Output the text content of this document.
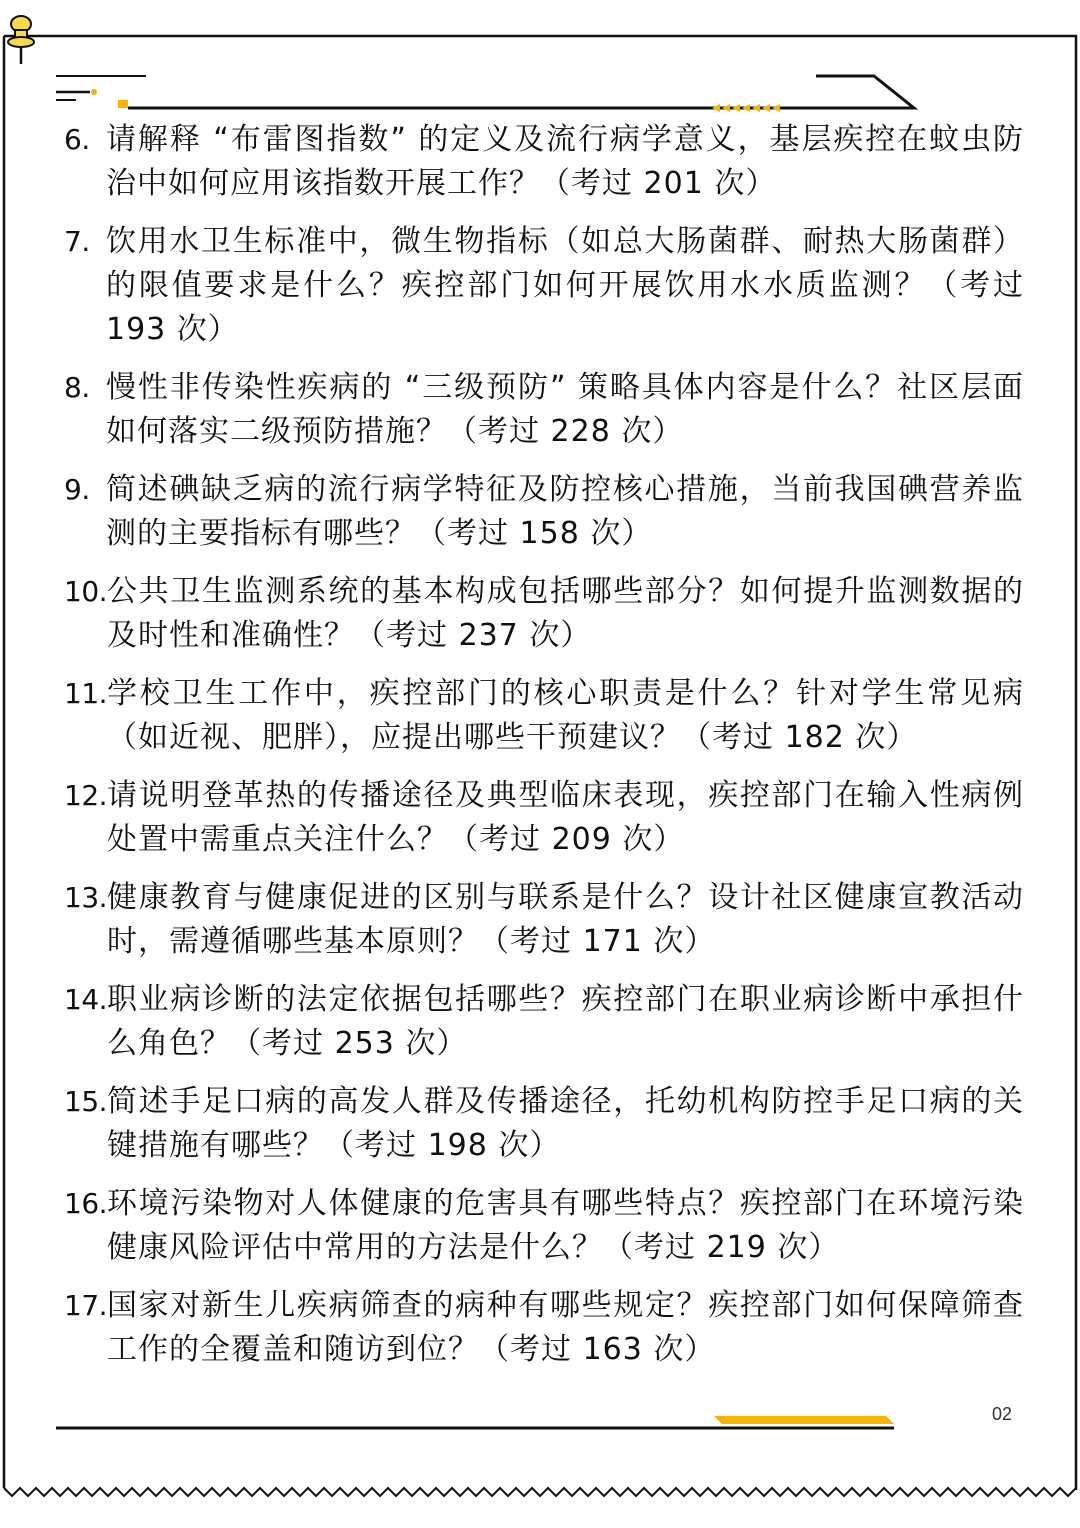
6. 请解释 “布雷图指数” 的定义及流行病学意义，基层疾控在蚊虫防治中如何应用该指数开展工作？（考过 201 次）
7. 饮用水卫生标准中，微生物指标（如总大肠菌群、耐热大肠菌群）的限值要求是什么？疾控部门如何开展饮用水水质监测？（考过 193 次）
8. 慢性非传染性疾病的 “三级预防” 策略具体内容是什么？社区层面如何落实二级预防措施？（考过 228 次）
9. 简述碘缺乏病的流行病学特征及防控核心措施，当前我国碘营养监测的主要指标有哪些？（考过 158 次）
10. 公共卫生监测系统的基本构成包括哪些部分？如何提升监测数据的及时性和准确性？（考过 237 次）
11. 学校卫生工作中，疾控部门的核心职责是什么？针对学生常见病（如近视、肥胖），应提出哪些干预建议？（考过 182 次）
12. 请说明登革热的传播途径及典型临床表现，疾控部门在输入性病例处置中需重点关注什么？（考过 209 次）
13. 健康教育与健康促进的区别与联系是什么？设计社区健康宣教活动时，需遵循哪些基本原则？（考过 171 次）
14. 职业病诊断的法定依据包括哪些？疾控部门在职业病诊断中承担什么角色？（考过 253 次）
15. 简述手足口病的高发人群及传播途径，托幼机构防控手足口病的关键措施有哪些？（考过 198 次）
16. 环境污染物对人体健康的危害具有哪些特点？疾控部门在环境污染健康风险评估中常用的方法是什么？（考过 219 次）
17. 国家对新生儿疾病筛查的病种有哪些规定？疾控部门如何保障筛查工作的全覆盖和随访到位？（考过 163 次）
02
